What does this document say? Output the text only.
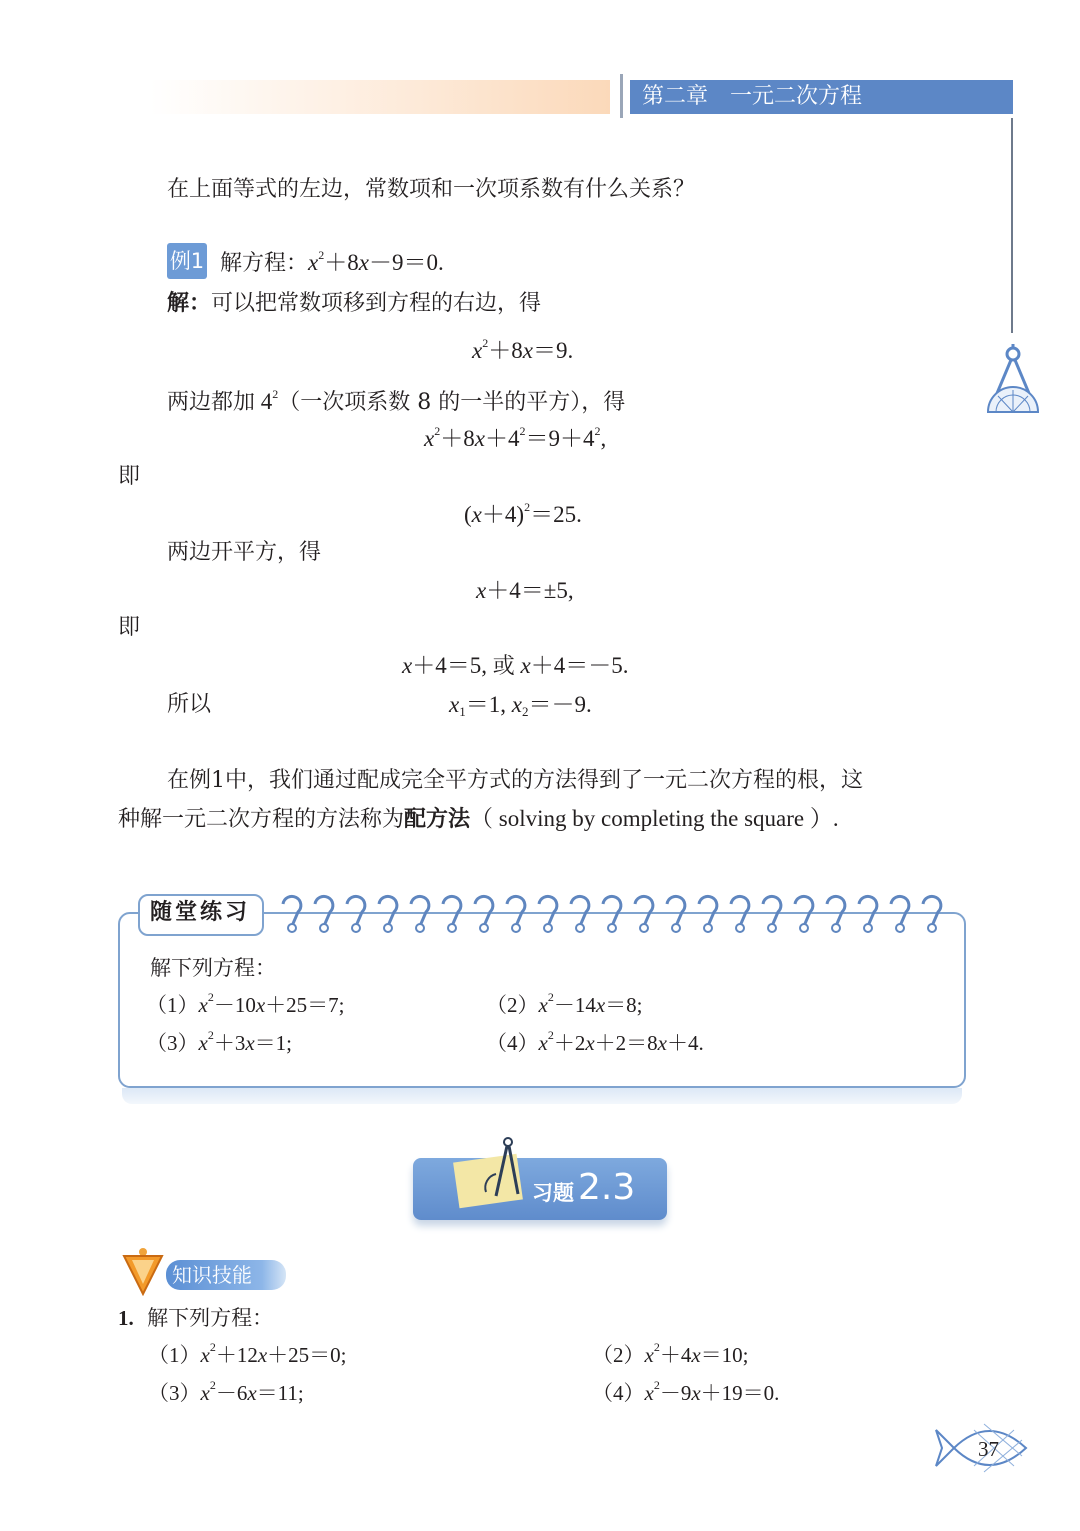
第二章　一元二次方程
在上面等式的左边，常数项和一次项系数有什么关系？
例1 解方程：$x^2+8x-9=0$.
解：可以把常数项移到方程的右边，得
$x^2+8x=9$.
两边都加 $4^2$（一次项系数 8 的一半的平方），得
$x^2+8x+4^2=9+4^2$,
即
$(x+4)^2=25$.
两边开平方，得
x＋4＝±5,
即
x＋4＝5, 或 x＋4＝－5.
所以	$x_1=1$, $x_2=-9$.
在例1中，我们通过配成完全平方式的方法得到了一元二次方程的根，这
种解一元二次方程的方法称为配方法（ solving by completing the square ）.
随堂练习
解下列方程：
$(1)x^2-10x+25=7$;	$(2)x^2-14x=8$;
$(3)x^2+3x=1$;	$(4)x^2+2x+2=8x+4$.
习题 2.3
知识技能
1. 解下列方程：
$(1)x^2+12x+25=0$;	$(2)x^2+4x=10$;
$(3)x^2-6x=11$;	$(4)x^2-9x+19=0$.
37
